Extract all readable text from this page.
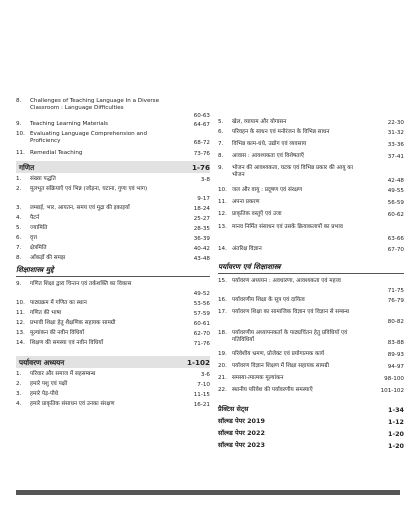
8.	Challenges of Teaching Language In a Diverse Classroom : Language Difficulties
60-63
9.	Teaching Learning Materials	64-67
10. Evaluating Language Comprehension and Proficiency	68-72
11. Remedial Teaching	73-76
गणित	1-76
1.	संख्या पद्धति	3-8
2.	मूलभूत संक्रियाएँ एवं भिन्न (जोड़ना, घटाना, गुणा एवं भाग)
9-17
3.	लम्बाई, भार, आयतन, समय एवं मुद्रा की इकाइयाँ	18-24
4.	पैटर्न	25-27
5.	ज्यामिति	28-35
6.	वृत्त	36-39
7.	क्षेत्रमिति	40-42
8.	आँकड़ों की समझ	43-48
शिक्षाशास्त्र मुद्दे
9.	गणित शिक्षा द्वारा चिन्तन एवं तर्कशक्ति का विकास
49-52
10. पाठ्यक्रम में गणित का स्थान	53-56
11. गणित की भाषा	57-59
12. प्रभावी शिक्षा हेतु शैक्षणिक सहायक सामग्री	60-61
13. मूल्यांकन की नवीन विधियाँ	62-70
14. शिक्षण की समस्या एवं नवीन विधियाँ	71-76
पर्यावरण अध्ययन	1-102
1.	परिवार और समाज में सहसम्बन्ध	3-6
2.	हमारे पशु एवं पक्षी	7-10
3.	हमारे पेड़-पौधे	11-15
4.	हमारे प्राकृतिक संसाधन एवं उनका संरक्षण	16-21
5.	खेल, व्यायाम और योगासन	22-30
6.	परिवहन के साधन एवं मनोरंजन के विभिन्न साधन	31-32
7.	विभिन्न काम-धंधे, उद्योग एवं व्यवसाय	33-36
8.	आवास : आवश्यकता एवं विशेषताएँ	37-41
9.	भोजन की आवश्यकता, घटक एवं विभिन्न प्रकार की आयु का भोजन
42-48
10. जल और वायु : प्रदूषण एवं संरक्षण	49-55
11. अपना प्रकरण	56-59
12. प्राकृतिक वस्तुएँ एवं उजा	60-62
13. मानव निर्मित संसाधन एवं उसके क्रियाकलापों का प्रभाव
63-66
14. अंतरिक्ष विज्ञान	67-70
पर्यावरण एवं शिक्षाशास्त्र
15. पर्यावरण अध्ययन : अवधारणा, आवश्यकता एवं महत्त्व
71-75
16. पर्यावरणीय शिक्षा के सूत्र एवं दायित्व	76-79
17. पर्यावरण शिक्षा का सामाजिक विज्ञान एवं विज्ञान से सम्बन्ध
80-82
18. पर्यावरणीय अध्यापनकर्ता के पाठ्यचिंतन हेतु प्रविधियाँ एवं गतिविधियाँ	83-88
19. परिवेशीय भ्रमण, प्रोजेक्ट एवं प्रयोगात्मक कार्य	89-93
20. पर्यावरण विज्ञान शिक्षण में शिक्षा सहायक सामग्री	94-97
21. समस्या-त्मात्मक मूल्यांकन	98-100
22. स्थानीय परिवेश की पर्यावरणीय समस्याएँ	101-102
प्रैक्टिस सेट्स	1-34
सॉल्व्ड पेपर 2019	1-12
सॉल्व्ड पेपर 2022	1-20
सॉल्व्ड पेपर 2023	1-20
